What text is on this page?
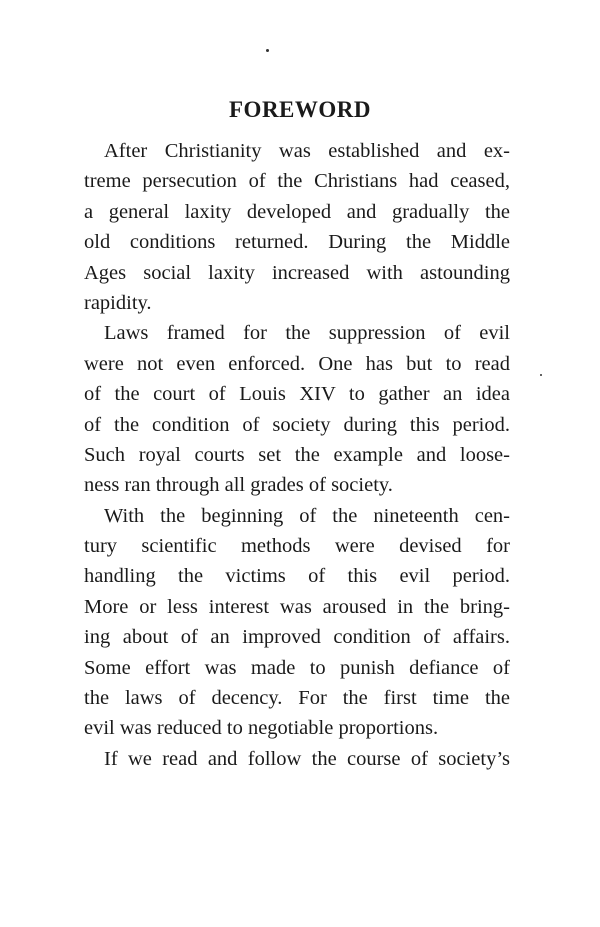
FOREWORD
After Christianity was established and ex-
treme persecution of the Christians had ceased,
a general laxity developed and gradually the
old conditions returned. During the Middle
Ages social laxity increased with astounding
rapidity.
Laws framed for the suppression of evil
were not even enforced. One has but to read
of the court of Louis XIV to gather an idea
of the condition of society during this period.
Such royal courts set the example and loose-
ness ran through all grades of society.
With the beginning of the nineteenth cen-
tury scientific methods were devised for
handling the victims of this evil period.
More or less interest was aroused in the bring-
ing about of an improved condition of affairs.
Some effort was made to punish defiance of
the laws of decency. For the first time the
evil was reduced to negotiable proportions.
If we read and follow the course of society’s
